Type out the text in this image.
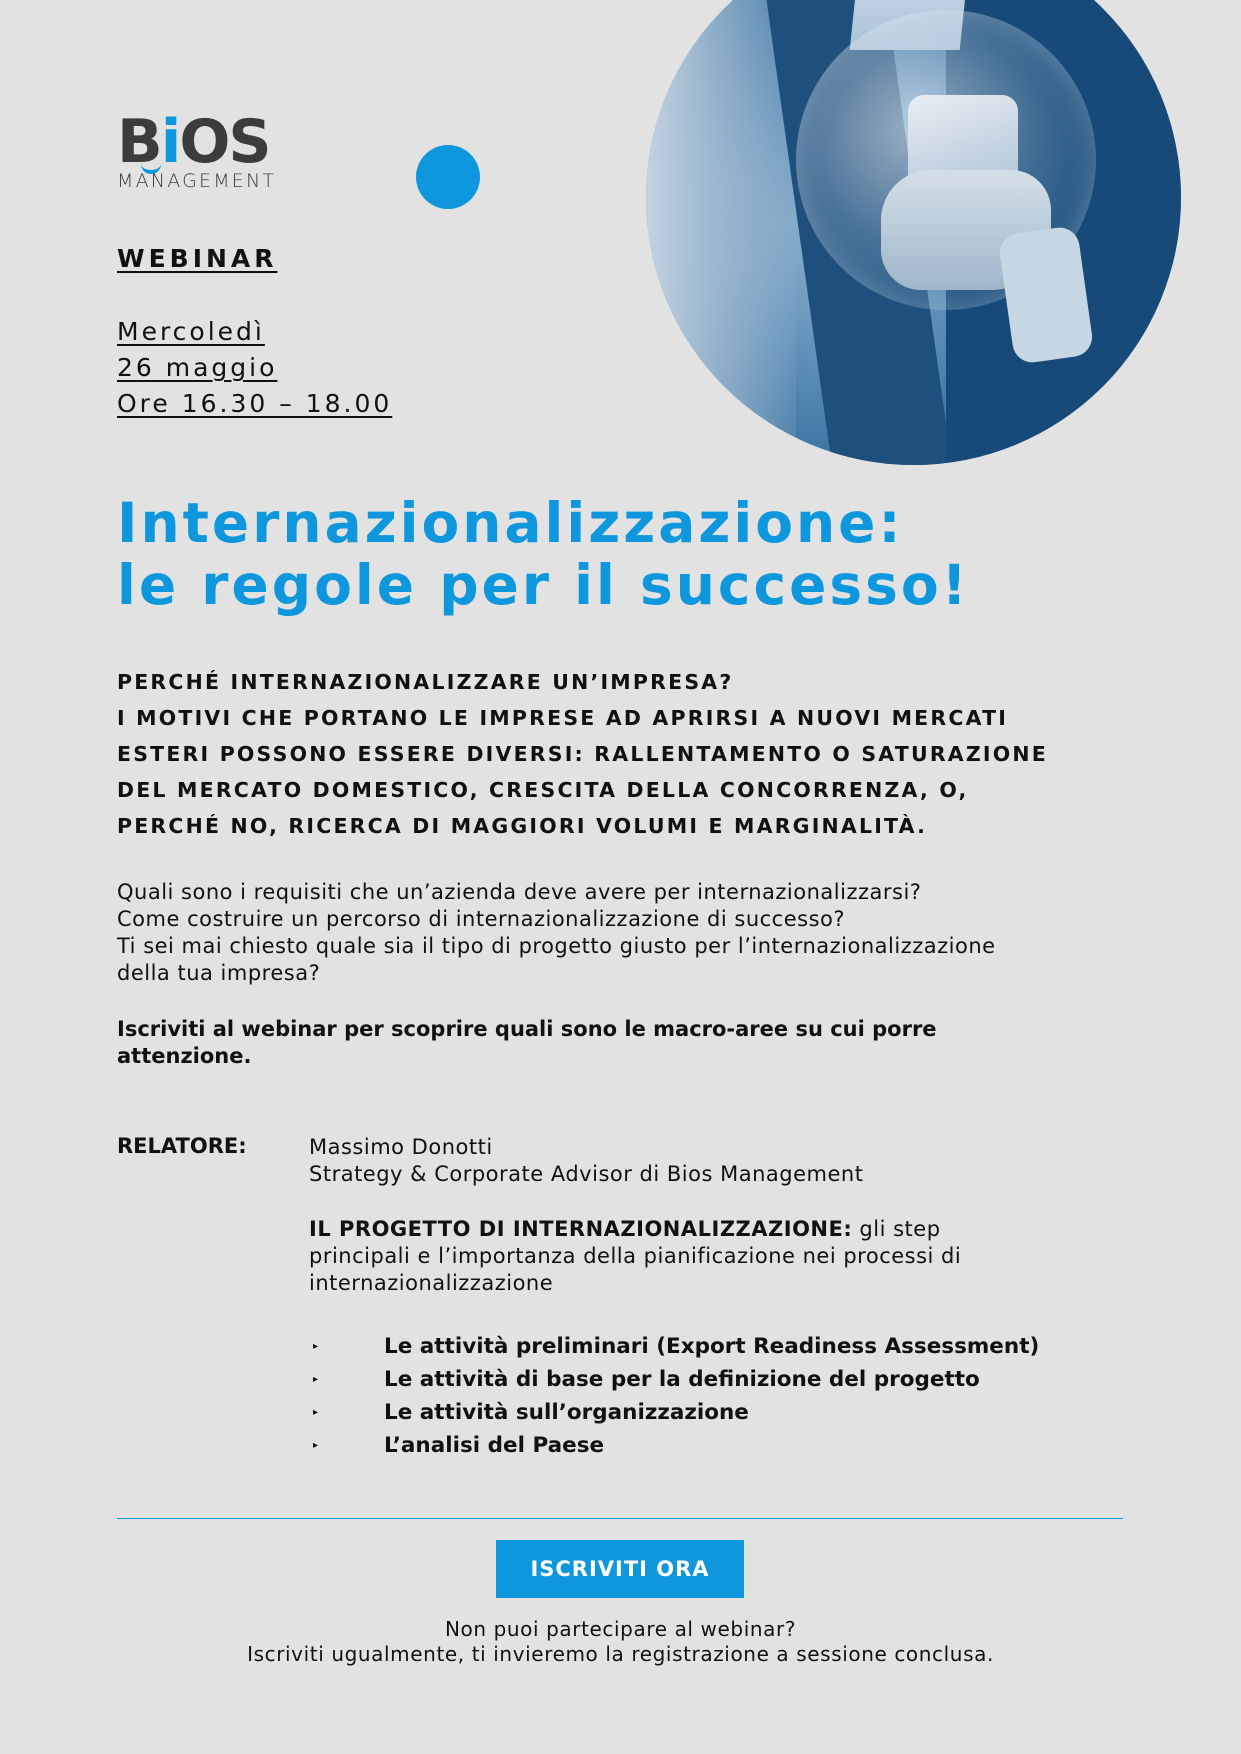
BiOS
MANAGEMENT
WEBINAR
Mercoledì
26 maggio
Ore 16.30 – 18.00
Internazionalizzazione:
le regole per il successo!
PERCHÉ INTERNAZIONALIZZARE UN’IMPRESA?
I MOTIVI CHE PORTANO LE IMPRESE AD APRIRSI A NUOVI MERCATI
ESTERI POSSONO ESSERE DIVERSI: RALLENTAMENTO O SATURAZIONE
DEL MERCATO DOMESTICO, CRESCITA DELLA CONCORRENZA, O,
PERCHÉ NO, RICERCA DI MAGGIORI VOLUMI E MARGINALITÀ.
Quali sono i requisiti che un’azienda deve avere per internazionalizzarsi?
Come costruire un percorso di internazionalizzazione di successo?
Ti sei mai chiesto quale sia il tipo di progetto giusto per l’internazionalizzazione
della tua impresa?
Iscriviti al webinar per scoprire quali sono le macro-aree su cui porre
attenzione.
RELATORE:	Massimo Donotti
Strategy & Corporate Advisor di Bios Management
IL PROGETTO DI INTERNAZIONALIZZAZIONE: gli step
principali e l’importanza della pianificazione nei processi di
internazionalizzazione
▸	Le attività preliminari (Export Readiness Assessment)
▸	Le attività di base per la definizione del progetto
▸	Le attività sull’organizzazione
▸	L’analisi del Paese
ISCRIVITI ORA
Non puoi partecipare al webinar?
Iscriviti ugualmente, ti invieremo la registrazione a sessione conclusa.
